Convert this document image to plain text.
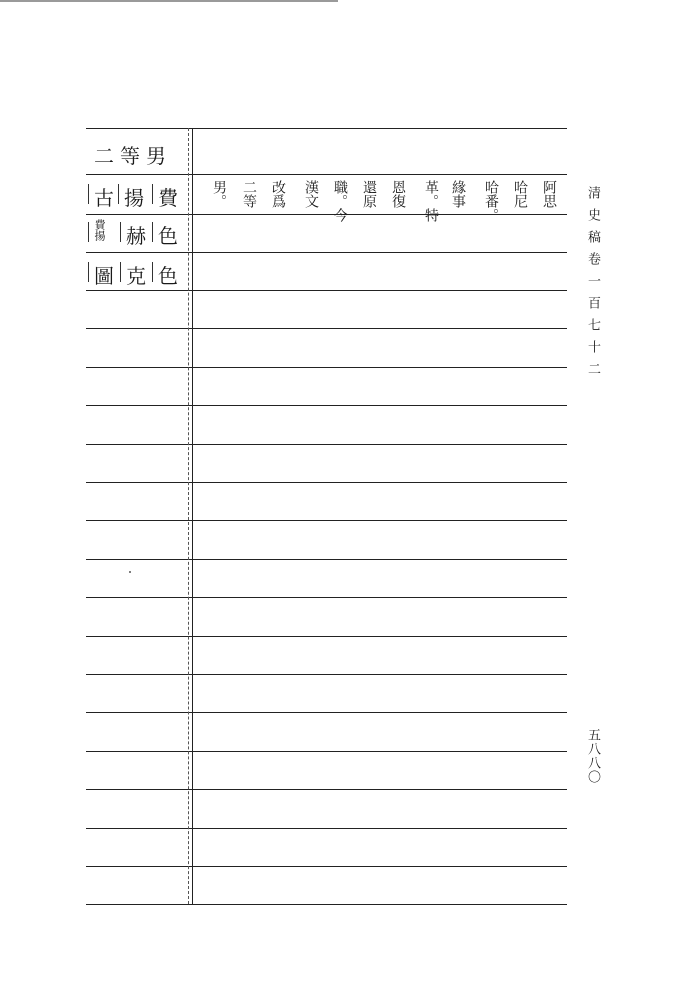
二等男
古 揚 費
費揚 赫 色
圖 克 色
阿思
哈尼
哈番。
緣事
革。特
恩復
還原
職。今
漢文
改爲
二等
男。	清史稿卷一百七十二
五八八〇
